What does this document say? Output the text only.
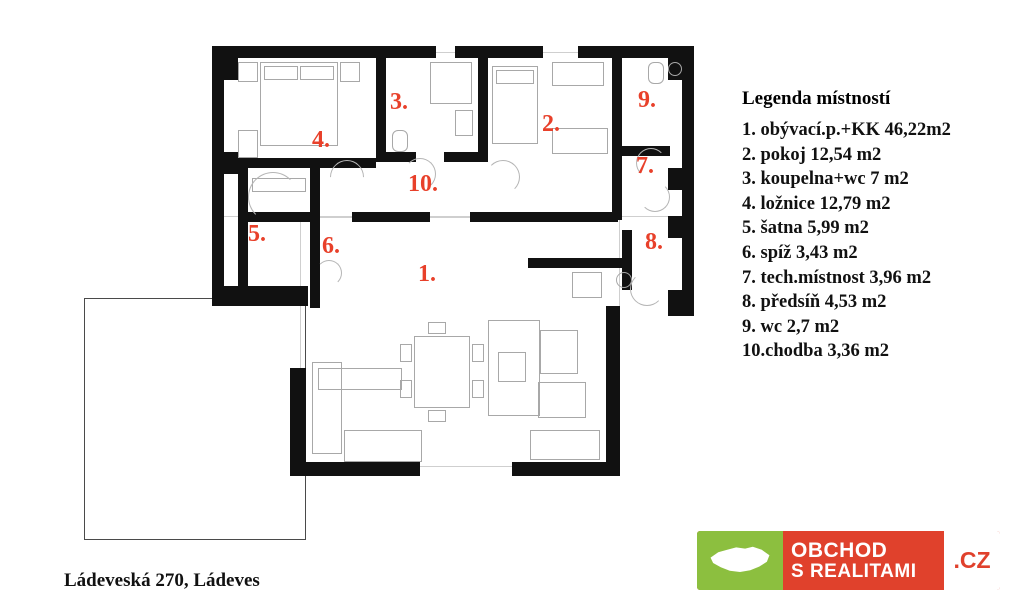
4.
3.
2.
9.
7.
10.
8.
5. 6.
1.
Legenda místností
1. obývací.p.+KK 46,22m2
2. pokoj 12,54 m2
3. koupelna+wc 7 m2
4. ložnice 12,79 m2
5. šatna 5,99 m2
6. spíž 3,43 m2
7. tech.místnost 3,96 m2
8. předsíň 4,53 m2
9. wc 2,7 m2
10.chodba 3,36 m2
Ládeveská 270, Ládeves
OBCHOD
S REALITAMI	.CZ
